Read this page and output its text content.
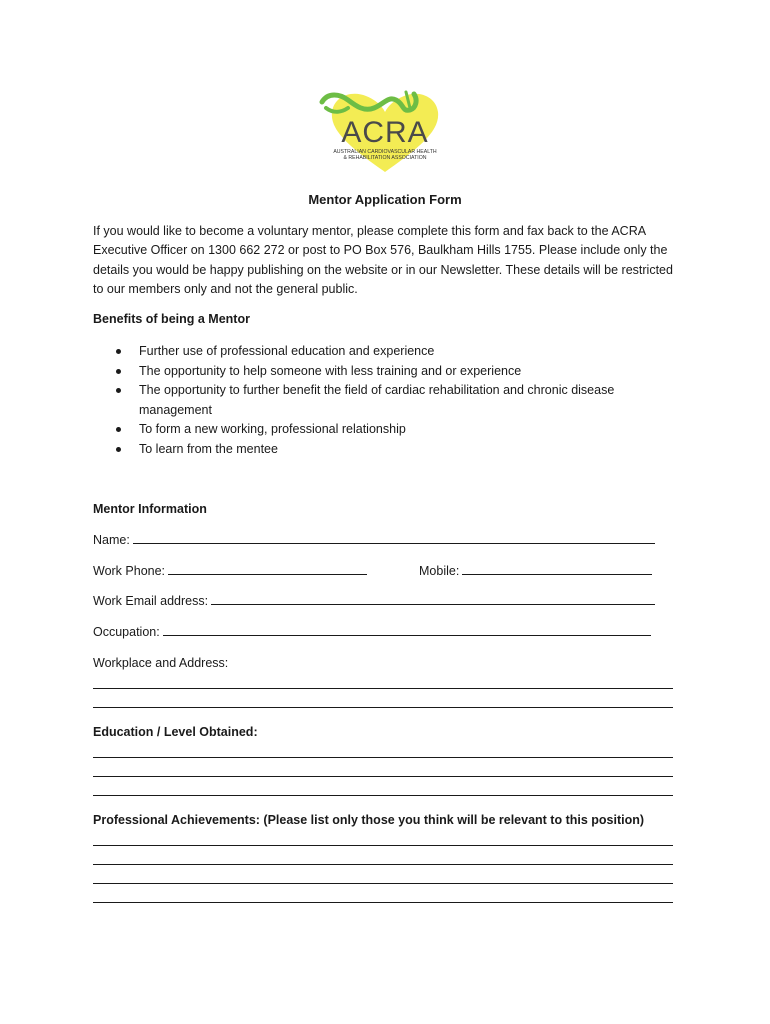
ACRA
AUSTRALIAN CARDIOVASCULAR HEALTH
& REHABILITATION ASSOCIATION
Mentor Application Form
If you would like to become a voluntary mentor, please complete this form and fax back to the ACRA Executive Officer on 1300 662 272 or post to PO Box 576, Baulkham Hills 1755. Please include only the details you would be happy publishing on the website or in our Newsletter. These details will be restricted to our members only and not the general public.
Benefits of being a Mentor
Further use of professional education and experience
The opportunity to help someone with less training and or experience
The opportunity to further benefit the field of cardiac rehabilitation and chronic disease management
To form a new working, professional relationship
To learn from the mentee
Mentor Information
Name:
Work Phone:	Mobile:
Work Email address:
Occupation:
Workplace and Address:
Education / Level Obtained:
Professional Achievements: (Please list only those you think will be relevant to this position)
